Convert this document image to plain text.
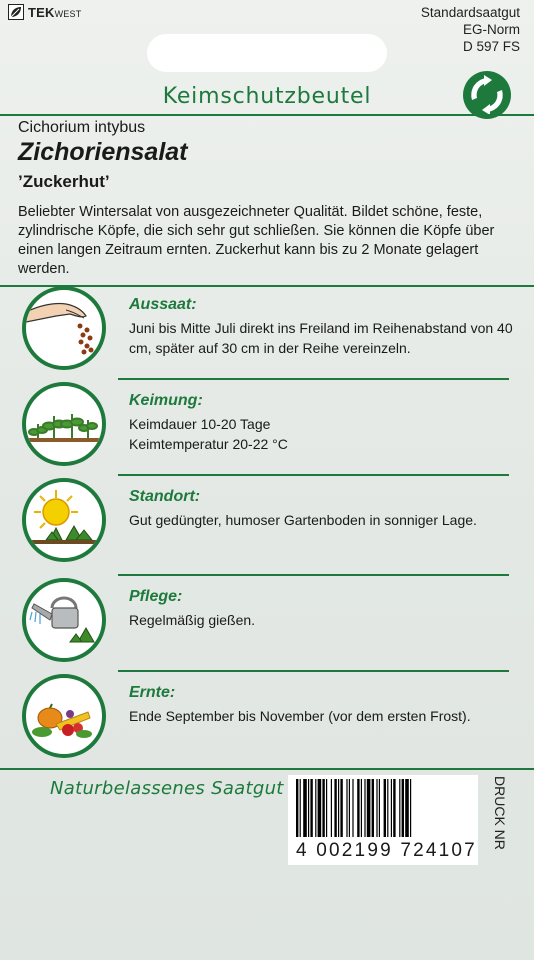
TEKWEST	Standardsaatgut
EG-Norm
D 597 FS
Keimschutzbeutel
Cichorium intybus
Zichoriensalat
’Zuckerhut’
Beliebter Wintersalat von ausgezeichneter Qualität. Bildet schöne, feste, zylindrische Köpfe, die sich sehr gut schließen. Sie können die Köpfe über einen langen Zeitraum ernten. Zuckerhut kann bis zu 2 Monate gelagert werden.
Aussaat:
Juni bis Mitte Juli direkt ins Freiland im Reihenabstand von 40 cm, später auf 30 cm in der Reihe vereinzeln.
Keimung:
Keimdauer 10-20 Tage
Keimtemperatur 20-22 °C
Standort:
Gut gedüngter, humoser Gartenboden in sonniger Lage.
Pflege:
Regelmäßig gießen.
Ernte:
Ende September bis November (vor dem ersten Frost).
Naturbelassenes Saatgut
4 002199 724107
DRUCK NR
